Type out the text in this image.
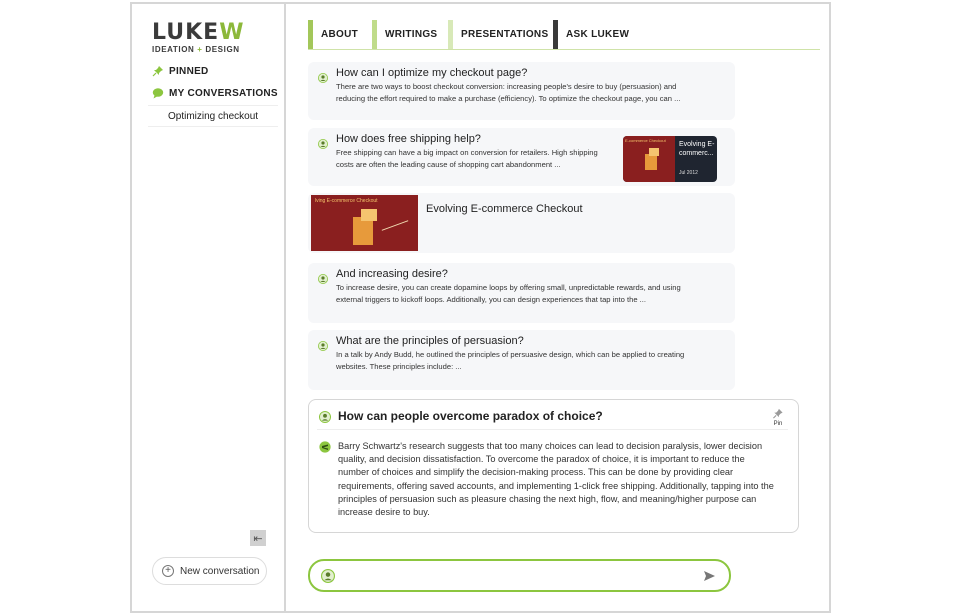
LUKEW
IDEATION + DESIGN
PINNED
MY CONVERSATIONS
Optimizing checkout
⇤
+ New conversation
ABOUT	WRITINGS	PRESENTATIONS	ASK LUKEW
How can I optimize my checkout page?
There are two ways to boost checkout conversion: increasing people's desire to buy (persuasion) and reducing the effort required to make a purchase (efficiency). To optimize the checkout page, you can ...
How does free shipping help?
Free shipping can have a big impact on conversion for retailers. High shipping costs are often the leading cause of shopping cart abandonment ...
E-commerce Checkout
Evolving E-commerc...
Jul 2012
lving E-commerce Checkout
Evolving E-commerce Checkout
And increasing desire?
To increase desire, you can create dopamine loops by offering small, unpredictable rewards, and using external triggers to kickoff loops. Additionally, you can design experiences that tap into the ...
What are the principles of persuasion?
In a talk by Andy Budd, he outlined the principles of persuasive design, which can be applied to creating websites. These principles include: ...
How can people overcome paradox of choice?
Pin
Barry Schwartz's research suggests that too many choices can lead to decision paralysis, lower decision quality, and decision dissatisfaction. To overcome the paradox of choice, it is important to reduce the number of choices and simplify the decision-making process. This can be done by providing clear requirements, offering saved accounts, and implementing 1-click free shipping. Additionally, tapping into the principles of persuasion such as pleasure chasing the next high, flow, and meaning/higher purpose can increase desire to buy.
